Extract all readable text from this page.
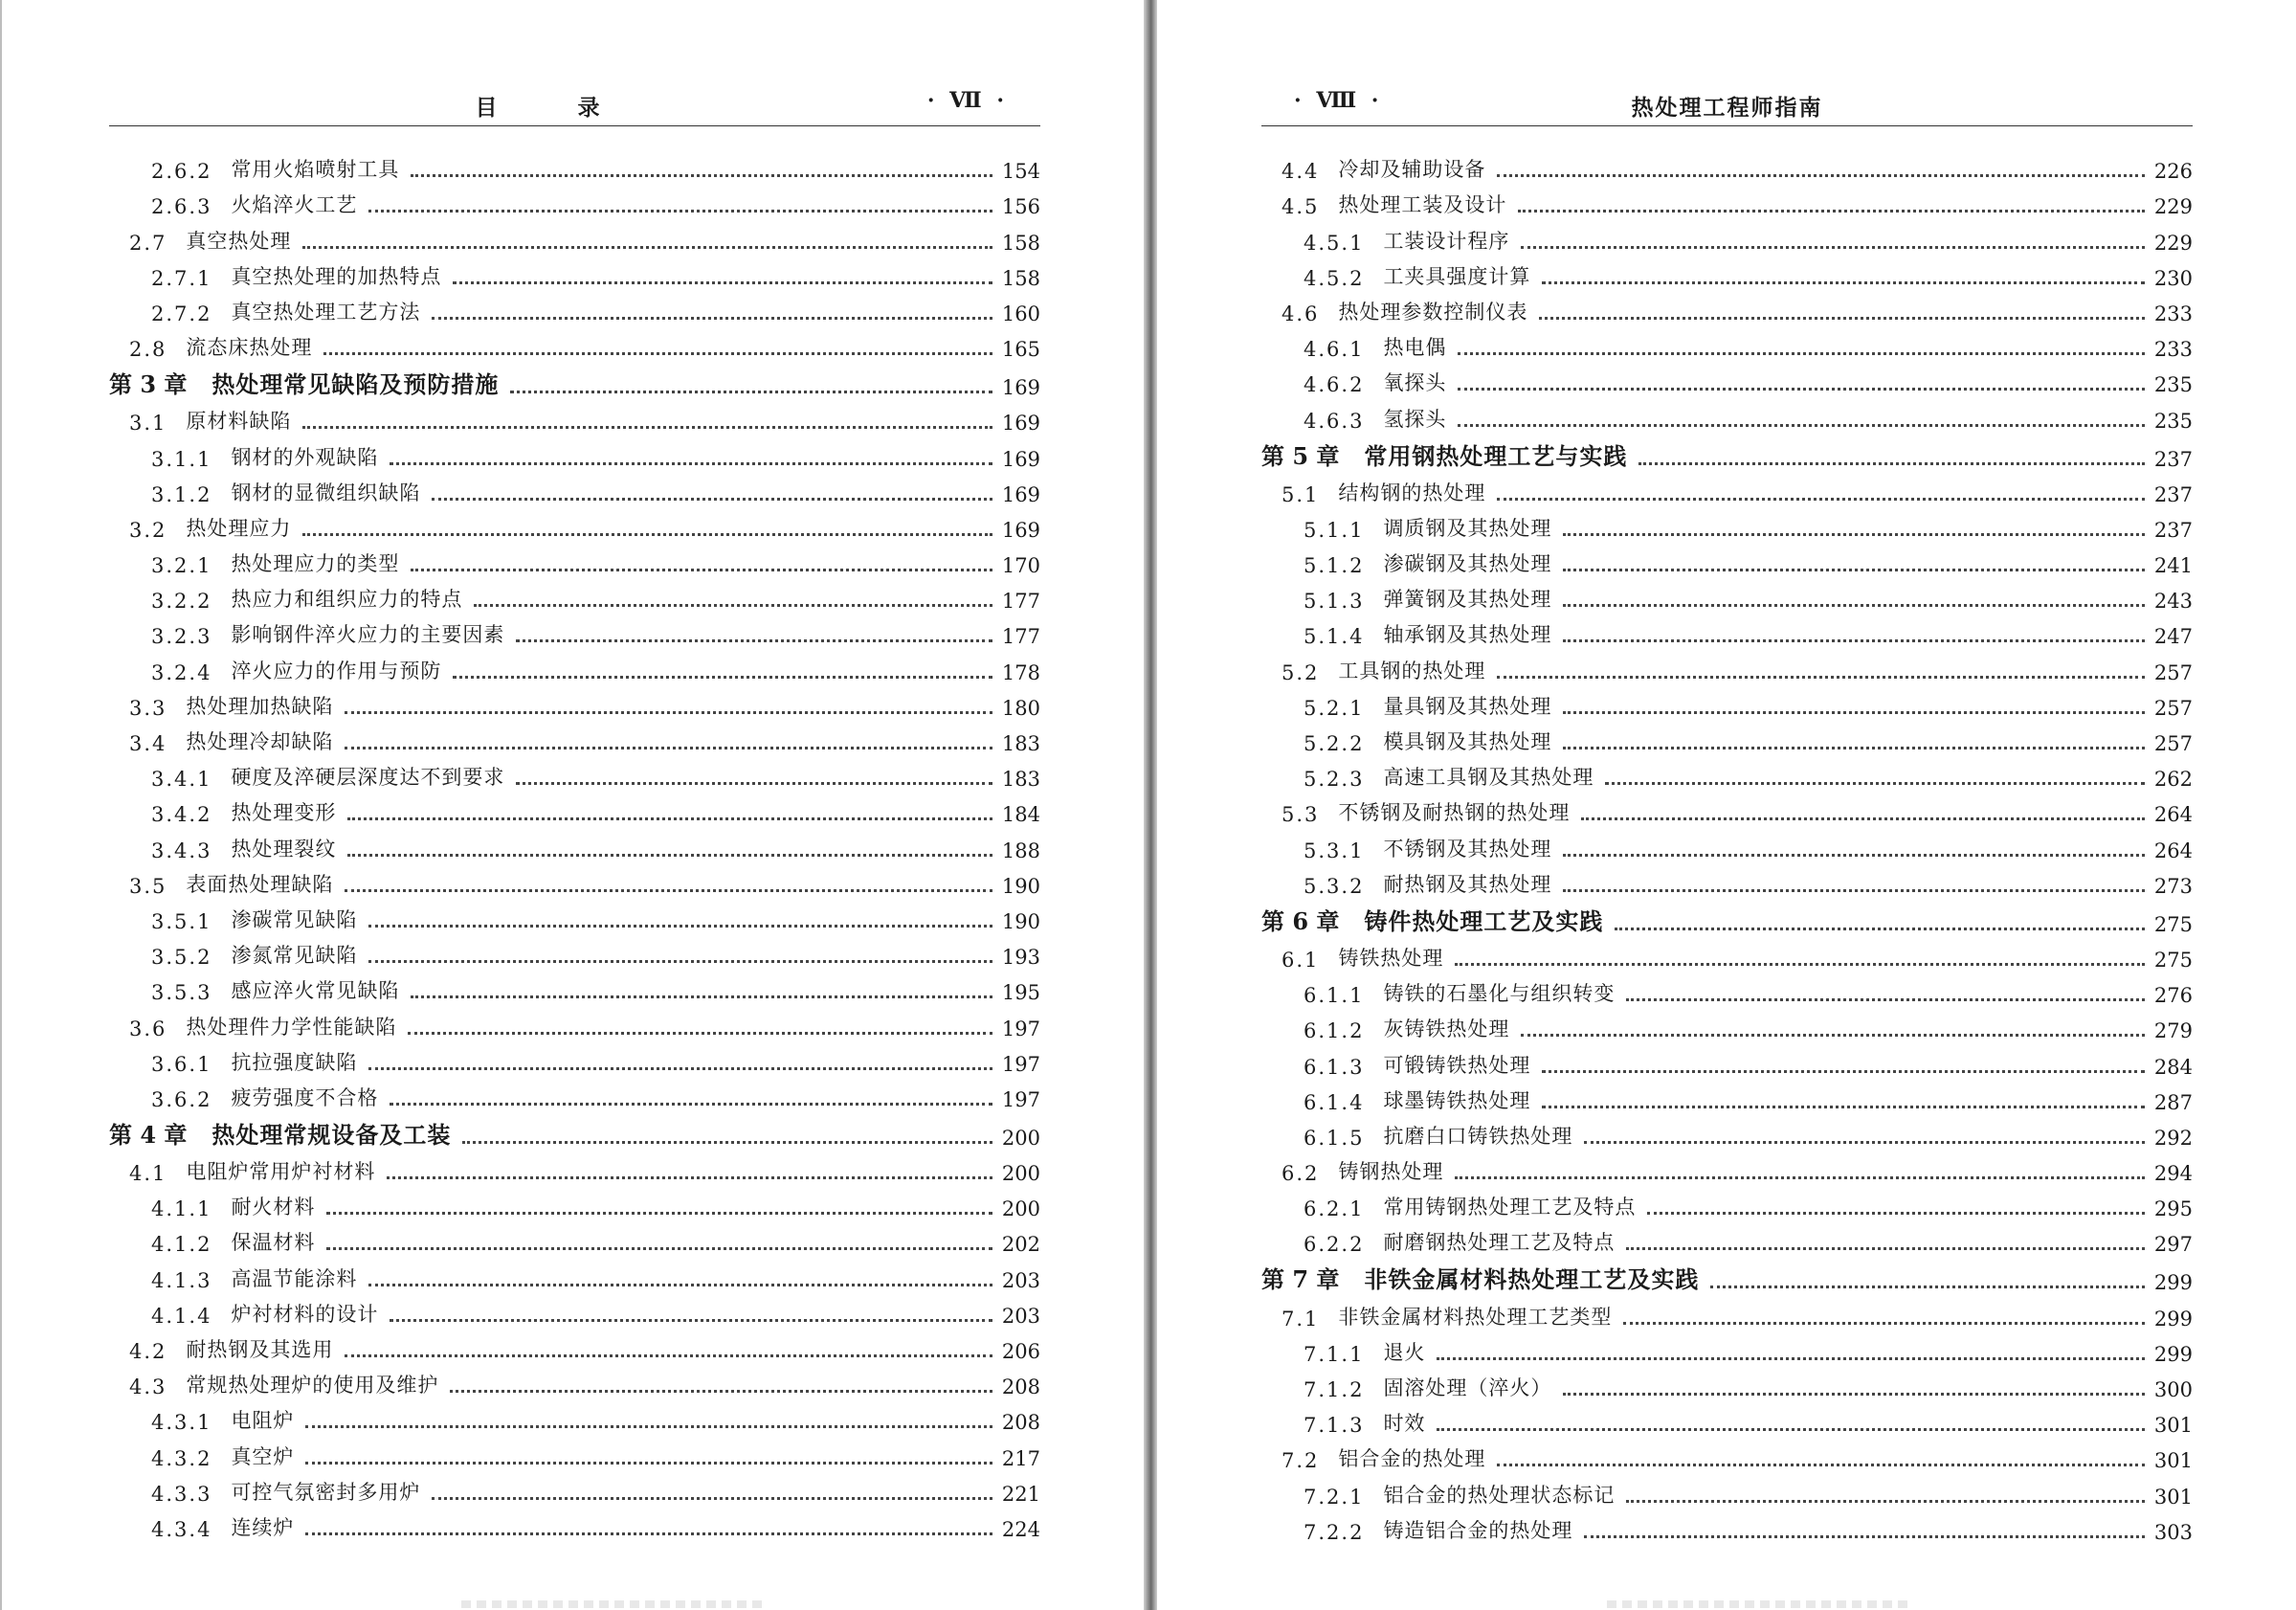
目 录	· Ⅶ ·
2.6.2 常用火焰喷射工具	154
2.6.3 火焰淬火工艺	156
2.7 真空热处理	158
2.7.1 真空热处理的加热特点	158
2.7.2 真空热处理工艺方法	160
2.8 流态床热处理	165
第 3 章 热处理常见缺陷及预防措施	169
3.1 原材料缺陷	169
3.1.1 钢材的外观缺陷	169
3.1.2 钢材的显微组织缺陷	169
3.2 热处理应力	169
3.2.1 热处理应力的类型	170
3.2.2 热应力和组织应力的特点	177
3.2.3 影响钢件淬火应力的主要因素	177
3.2.4 淬火应力的作用与预防	178
3.3 热处理加热缺陷	180
3.4 热处理冷却缺陷	183
3.4.1 硬度及淬硬层深度达不到要求	183
3.4.2 热处理变形	184
3.4.3 热处理裂纹	188
3.5 表面热处理缺陷	190
3.5.1 渗碳常见缺陷	190
3.5.2 渗氮常见缺陷	193
3.5.3 感应淬火常见缺陷	195
3.6 热处理件力学性能缺陷	197
3.6.1 抗拉强度缺陷	197
3.6.2 疲劳强度不合格	197
第 4 章 热处理常规设备及工装	200
4.1 电阻炉常用炉衬材料	200
4.1.1 耐火材料	200
4.1.2 保温材料	202
4.1.3 高温节能涂料	203
4.1.4 炉衬材料的设计	203
4.2 耐热钢及其选用	206
4.3 常规热处理炉的使用及维护	208
4.3.1 电阻炉	208
4.3.2 真空炉	217
4.3.3 可控气氛密封多用炉	221
4.3.4 连续炉	224
· Ⅷ ·	热处理工程师指南
4.4 冷却及辅助设备	226
4.5 热处理工装及设计	229
4.5.1 工装设计程序	229
4.5.2 工夹具强度计算	230
4.6 热处理参数控制仪表	233
4.6.1 热电偶	233
4.6.2 氧探头	235
4.6.3 氢探头	235
第 5 章 常用钢热处理工艺与实践	237
5.1 结构钢的热处理	237
5.1.1 调质钢及其热处理	237
5.1.2 渗碳钢及其热处理	241
5.1.3 弹簧钢及其热处理	243
5.1.4 轴承钢及其热处理	247
5.2 工具钢的热处理	257
5.2.1 量具钢及其热处理	257
5.2.2 模具钢及其热处理	257
5.2.3 高速工具钢及其热处理	262
5.3 不锈钢及耐热钢的热处理	264
5.3.1 不锈钢及其热处理	264
5.3.2 耐热钢及其热处理	273
第 6 章 铸件热处理工艺及实践	275
6.1 铸铁热处理	275
6.1.1 铸铁的石墨化与组织转变	276
6.1.2 灰铸铁热处理	279
6.1.3 可锻铸铁热处理	284
6.1.4 球墨铸铁热处理	287
6.1.5 抗磨白口铸铁热处理	292
6.2 铸钢热处理	294
6.2.1 常用铸钢热处理工艺及特点	295
6.2.2 耐磨钢热处理工艺及特点	297
第 7 章 非铁金属材料热处理工艺及实践	299
7.1 非铁金属材料热处理工艺类型	299
7.1.1 退火	299
7.1.2 固溶处理（淬火）	300
7.1.3 时效	301
7.2 铝合金的热处理	301
7.2.1 铝合金的热处理状态标记	301
7.2.2 铸造铝合金的热处理	303
